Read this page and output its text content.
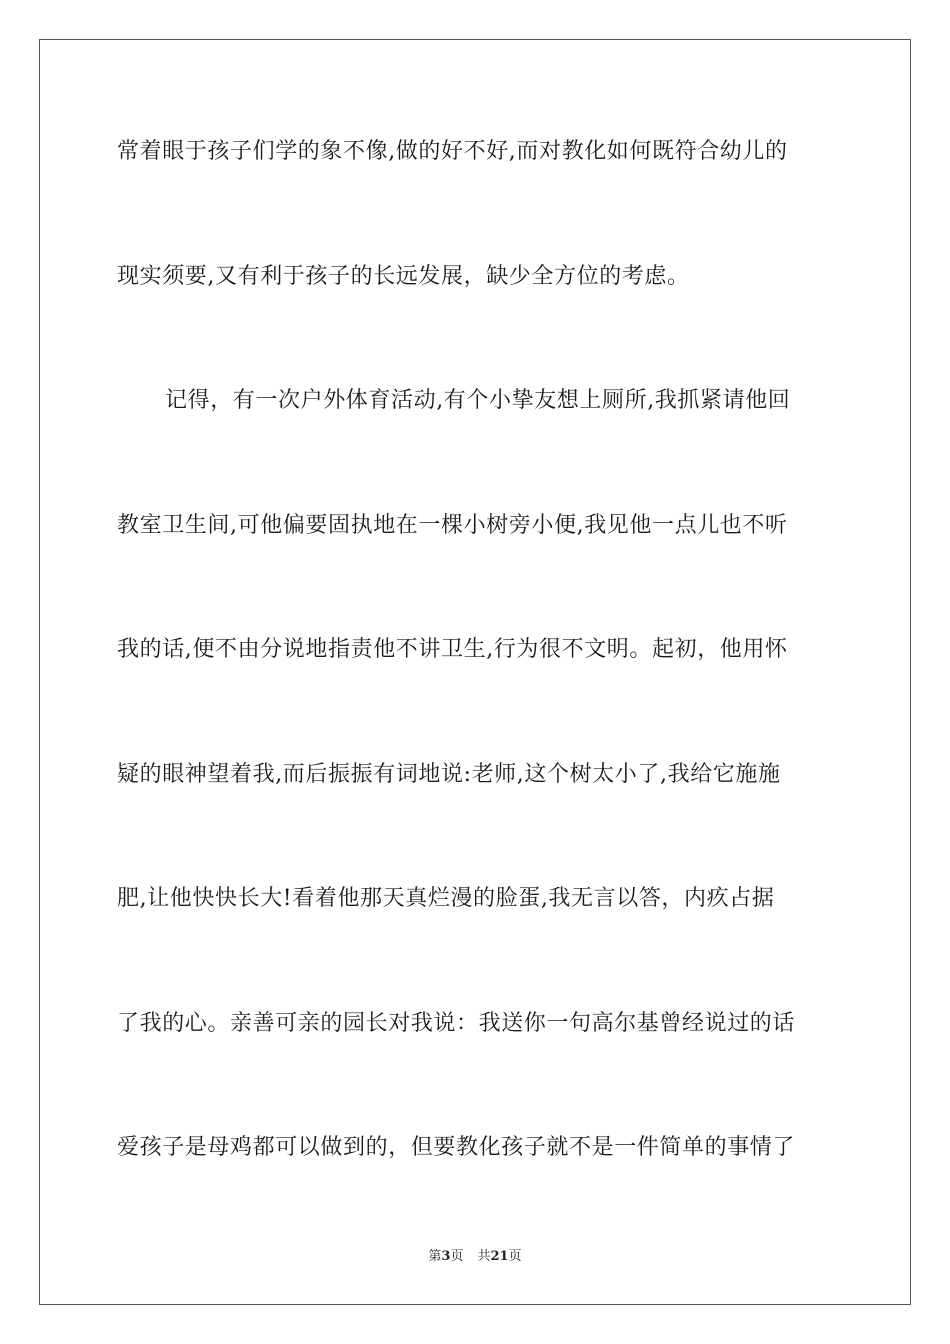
常着眼于孩子们学的象不像,做的好不好,而对教化如何既符合幼儿的
现实须要,又有利于孩子的长远发展，缺少全方位的考虑。
记得，有一次户外体育活动,有个小挚友想上厕所,我抓紧请他回
教室卫生间,可他偏要固执地在一棵小树旁小便,我见他一点儿也不听
我的话,便不由分说地指责他不讲卫生,行为很不文明。起初，他用怀
疑的眼神望着我,而后振振有词地说:老师,这个树太小了,我给它施施
肥,让他快快长大!看着他那天真烂漫的脸蛋,我无言以答，内疚占据
了我的心。亲善可亲的园长对我说：我送你一句高尔基曾经说过的话
爱孩子是母鸡都可以做到的，但要教化孩子就不是一件简单的事情了
第3页 共21页
